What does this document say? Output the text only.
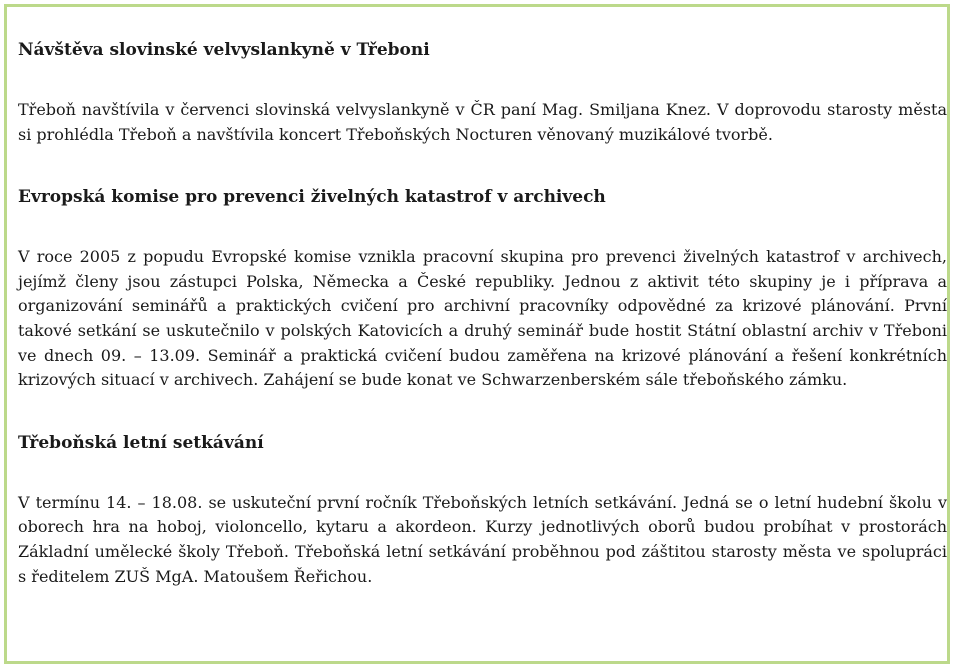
Návštěva slovinské velvyslankyně v Třeboni

Třeboň navštívila v červenci slovinská velvyslankyně v ČR paní Mag. Smiljana Knez. V doprovodu starosty města si prohlédla Třeboň a navštívila koncert Třeboňských Nocturen věnovaný muzikálové tvorbě.

Evropská komise pro prevenci živelných katastrof v archivech

V roce 2005 z popudu Evropské komise vznikla pracovní skupina pro prevenci živelných katastrof v archivech, jejímž členy jsou zástupci Polska, Německa a České republiky. Jednou z aktivit této skupiny je i příprava a organizování seminářů a praktických cvičení pro archivní pracovníky odpovědné za krizové plánování. První takové setkání se uskutečnilo v polských Katovicích a druhý seminář bude hostit Státní oblastní archiv v Třeboni ve dnech 09. – 13.09. Seminář a praktická cvičení budou zaměřena na krizové plánování a řešení konkrétních krizových situací v archivech. Zahájení se bude konat ve Schwarzenberském sále třeboňského zámku.

Třeboňská letní setkávání

V termínu 14. – 18.08. se uskuteční první ročník Třeboňských letních setkávání. Jedná se o letní hudební školu v oborech hra na hoboj, violoncello, kytaru a akordeon. Kurzy jednotlivých oborů budou probíhat v prostorách Základní umělecké školy Třeboň. Třeboňská letní setkávání proběhnou pod záštitou starosty města ve spolupráci s ředitelem ZUŠ MgA. Matoušem Řeřichou.
